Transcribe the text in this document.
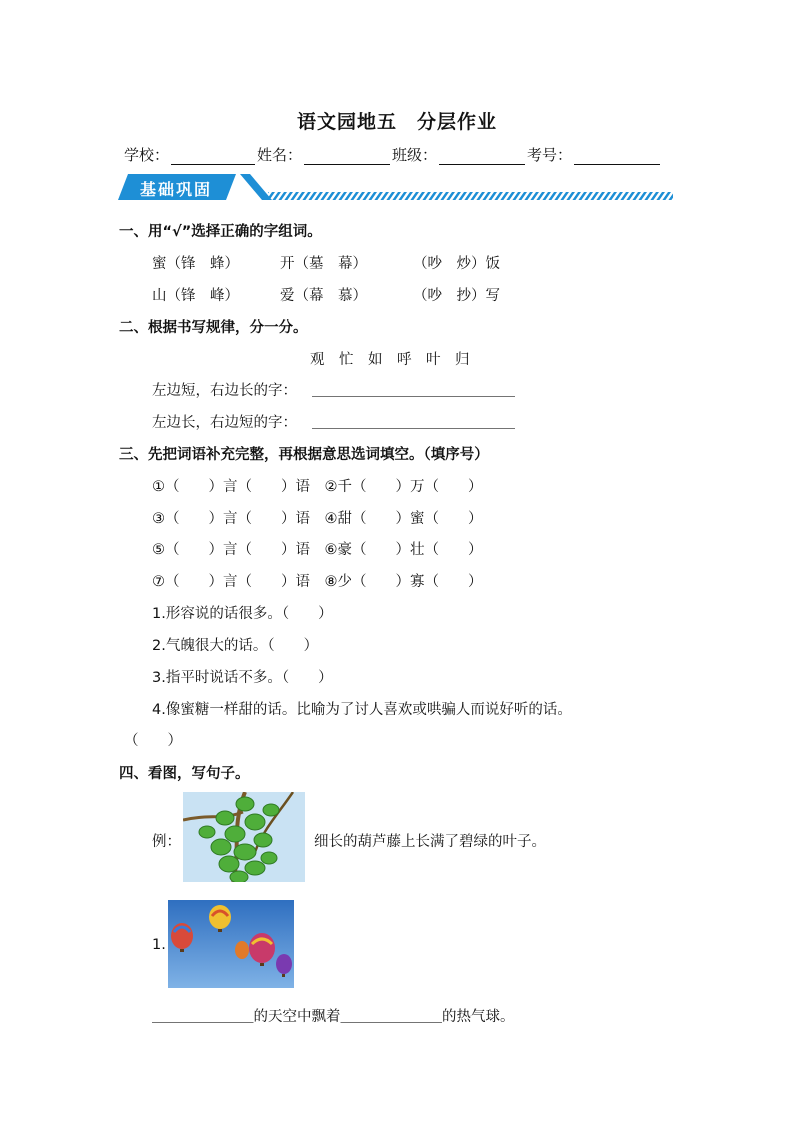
语文园地五　分层作业
学校：	姓名：	班级：	考号：
基础巩固
一、用“√”选择正确的字组词。
蜜（锋　蜂）	开（墓　幕）	（吵　炒）饭
山（锋　峰）	爱（幕　慕）	（吵　抄）写
二、根据书写规律，分一分。
观　忙　如　呼　叶　归
左边短，右边长的字： ＿＿＿＿＿＿＿＿＿＿＿＿＿＿
左边长，右边短的字： ＿＿＿＿＿＿＿＿＿＿＿＿＿＿
三、先把词语补充完整，再根据意思选词填空。（填序号）
①（　　）言（　　）语　②千（　　）万（　　）
③（　　）言（　　）语　④甜（　　）蜜（　　）
⑤（　　）言（　　）语　⑥豪（　　）壮（　　）
⑦（　　）言（　　）语　⑧少（　　）寡（　　）
1.形容说的话很多。（　　）
2.气魄很大的话。（　　）
3.指平时说话不多。（　　）
4.像蜜糖一样甜的话。比喻为了讨人喜欢或哄骗人而说好听的话。
（　　）
四、看图，写句子。
例：	细长的葫芦藤上长满了碧绿的叶子。
1.
＿＿＿＿＿＿＿的天空中飘着＿＿＿＿＿＿＿的热气球。
